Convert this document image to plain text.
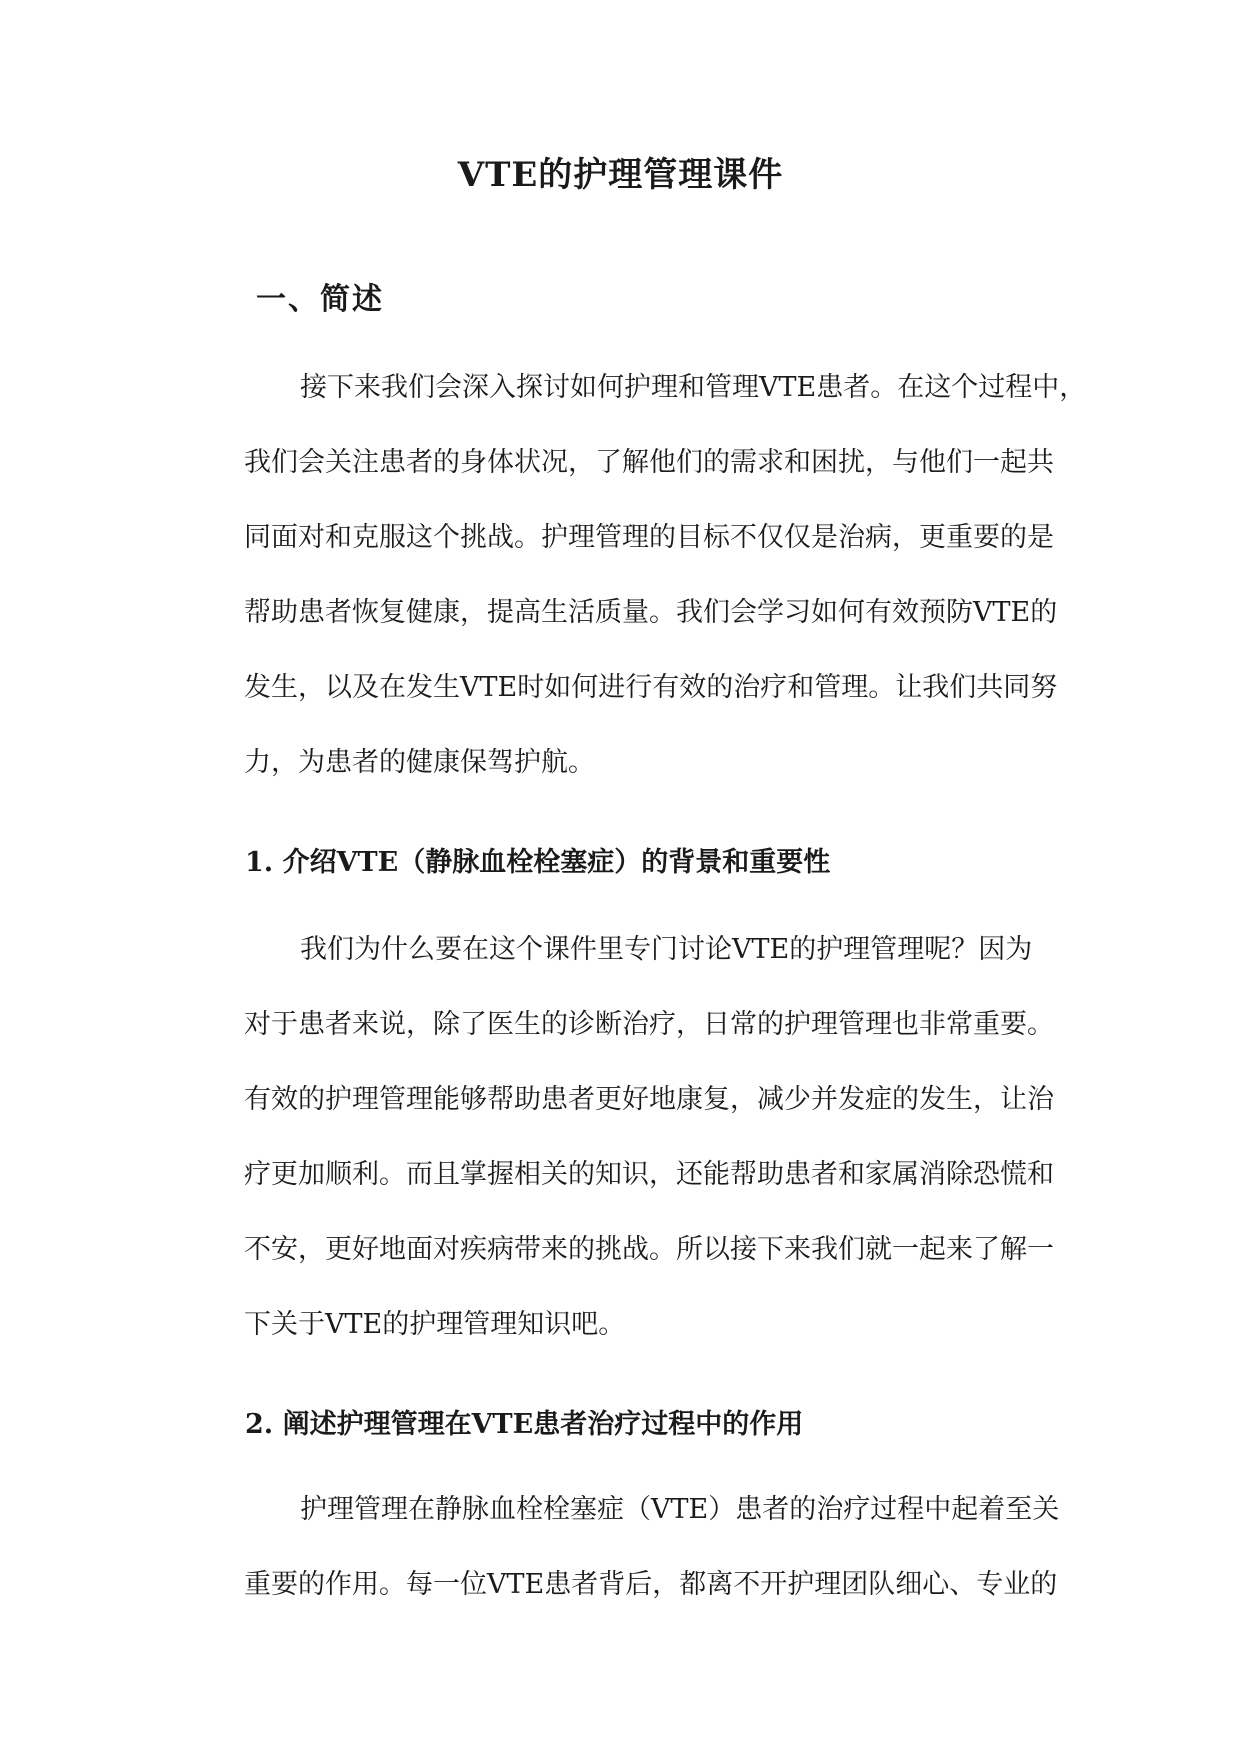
VTE的护理管理课件
一、简述
接下来我们会深入探讨如何护理和管理VTE患者。在这个过程中，
我们会关注患者的身体状况，了解他们的需求和困扰，与他们一起共
同面对和克服这个挑战。护理管理的目标不仅仅是治病，更重要的是
帮助患者恢复健康，提高生活质量。我们会学习如何有效预防VTE的
发生，以及在发生VTE时如何进行有效的治疗和管理。让我们共同努
力，为患者的健康保驾护航。
1. 介绍VTE（静脉血栓栓塞症）的背景和重要性
我们为什么要在这个课件里专门讨论VTE的护理管理呢？因为
对于患者来说，除了医生的诊断治疗，日常的护理管理也非常重要。
有效的护理管理能够帮助患者更好地康复，减少并发症的发生，让治
疗更加顺利。而且掌握相关的知识，还能帮助患者和家属消除恐慌和
不安，更好地面对疾病带来的挑战。所以接下来我们就一起来了解一
下关于VTE的护理管理知识吧。
2. 阐述护理管理在VTE患者治疗过程中的作用
护理管理在静脉血栓栓塞症（VTE）患者的治疗过程中起着至关
重要的作用。每一位VTE患者背后，都离不开护理团队细心、专业的
